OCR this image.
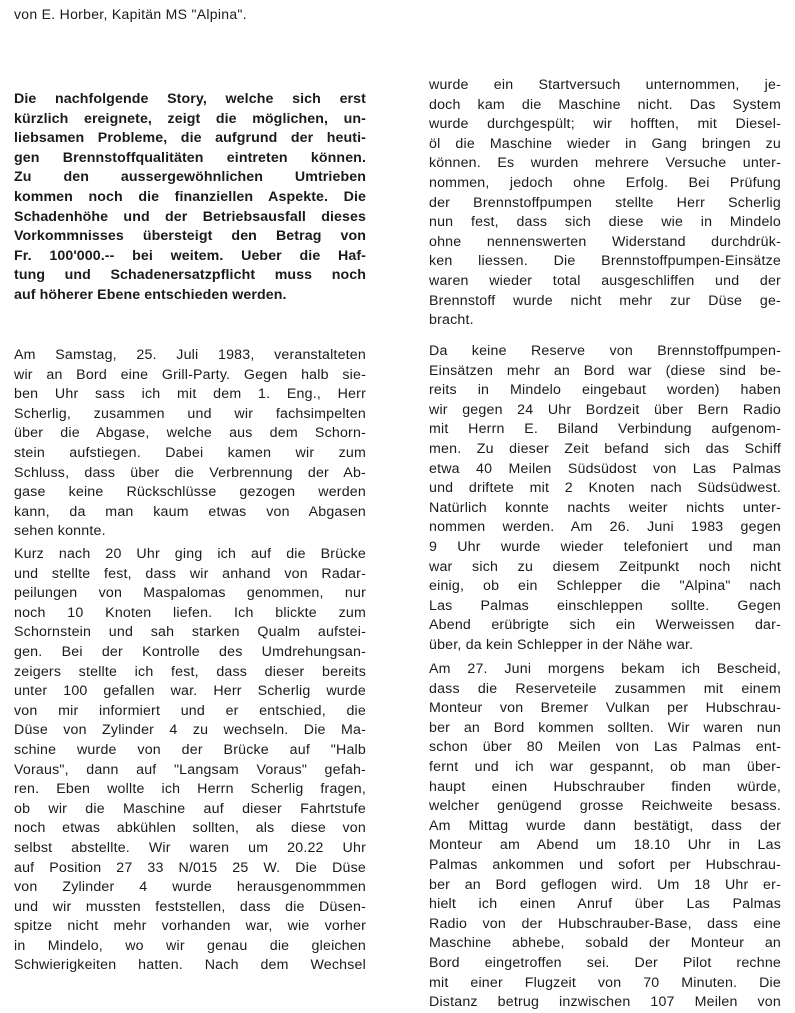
von E. Horber, Kapitän MS "Alpina".
Die nachfolgende Story, welche sich erst
kürzlich ereignete, zeigt die möglichen, un-
liebsamen Probleme, die aufgrund der heuti-
gen Brennstoffqualitäten eintreten können.
Zu den aussergewöhnlichen Umtrieben
kommen noch die finanziellen Aspekte. Die
Schadenhöhe und der Betriebsausfall dieses
Vorkommnisses übersteigt den Betrag von
Fr. 100'000.-- bei weitem. Ueber die Haf-
tung und Schadenersatzpflicht muss noch
auf höherer Ebene entschieden werden.
Am Samstag, 25. Juli 1983, veranstalteten
wir an Bord eine Grill-Party. Gegen halb sie-
ben Uhr sass ich mit dem 1. Eng., Herr
Scherlig, zusammen und wir fachsimpelten
über die Abgase, welche aus dem Schorn-
stein aufstiegen. Dabei kamen wir zum
Schluss, dass über die Verbrennung der Ab-
gase keine Rückschlüsse gezogen werden
kann, da man kaum etwas von Abgasen
sehen konnte.
Kurz nach 20 Uhr ging ich auf die Brücke
und stellte fest, dass wir anhand von Radar-
peilungen von Maspalomas genommen, nur
noch 10 Knoten liefen. Ich blickte zum
Schornstein und sah starken Qualm aufstei-
gen. Bei der Kontrolle des Umdrehungsan-
zeigers stellte ich fest, dass dieser bereits
unter 100 gefallen war. Herr Scherlig wurde
von mir informiert und er entschied, die
Düse von Zylinder 4 zu wechseln. Die Ma-
schine wurde von der Brücke auf "Halb
Voraus", dann auf "Langsam Voraus" gefah-
ren. Eben wollte ich Herrn Scherlig fragen,
ob wir die Maschine auf dieser Fahrtstufe
noch etwas abkühlen sollten, als diese von
selbst abstellte. Wir waren um 20.22 Uhr
auf Position 27 33 N/015 25 W. Die Düse
von Zylinder 4 wurde herausgenommmen
und wir mussten feststellen, dass die Düsen-
spitze nicht mehr vorhanden war, wie vorher
in Mindelo, wo wir genau die gleichen
Schwierigkeiten hatten. Nach dem Wechsel
wurde ein Startversuch unternommen, je-
doch kam die Maschine nicht. Das System
wurde durchgespült; wir hofften, mit Diesel-
öl die Maschine wieder in Gang bringen zu
können. Es wurden mehrere Versuche unter-
nommen, jedoch ohne Erfolg. Bei Prüfung
der Brennstoffpumpen stellte Herr Scherlig
nun fest, dass sich diese wie in Mindelo
ohne nennenswerten Widerstand durchdrük-
ken liessen. Die Brennstoffpumpen-Einsätze
waren wieder total ausgeschliffen und der
Brennstoff wurde nicht mehr zur Düse ge-
bracht.
Da keine Reserve von Brennstoffpumpen-
Einsätzen mehr an Bord war (diese sind be-
reits in Mindelo eingebaut worden) haben
wir gegen 24 Uhr Bordzeit über Bern Radio
mit Herrn E. Biland Verbindung aufgenom-
men. Zu dieser Zeit befand sich das Schiff
etwa 40 Meilen Südsüdost von Las Palmas
und driftete mit 2 Knoten nach Südsüdwest.
Natürlich konnte nachts weiter nichts unter-
nommen werden. Am 26. Juni 1983 gegen
9 Uhr wurde wieder telefoniert und man
war sich zu diesem Zeitpunkt noch nicht
einig, ob ein Schlepper die "Alpina" nach
Las Palmas einschleppen sollte. Gegen
Abend erübrigte sich ein Werweissen dar-
über, da kein Schlepper in der Nähe war.
Am 27. Juni morgens bekam ich Bescheid,
dass die Reserveteile zusammen mit einem
Monteur von Bremer Vulkan per Hubschrau-
ber an Bord kommen sollten. Wir waren nun
schon über 80 Meilen von Las Palmas ent-
fernt und ich war gespannt, ob man über-
haupt einen Hubschrauber finden würde,
welcher genügend grosse Reichweite besass.
Am Mittag wurde dann bestätigt, dass der
Monteur am Abend um 18.10 Uhr in Las
Palmas ankommen und sofort per Hubschrau-
ber an Bord geflogen wird. Um 18 Uhr er-
hielt ich einen Anruf über Las Palmas
Radio von der Hubschrauber-Base, dass eine
Maschine abhebe, sobald der Monteur an
Bord eingetroffen sei. Der Pilot rechne
mit einer Flugzeit von 70 Minuten. Die
Distanz betrug inzwischen 107 Meilen von
